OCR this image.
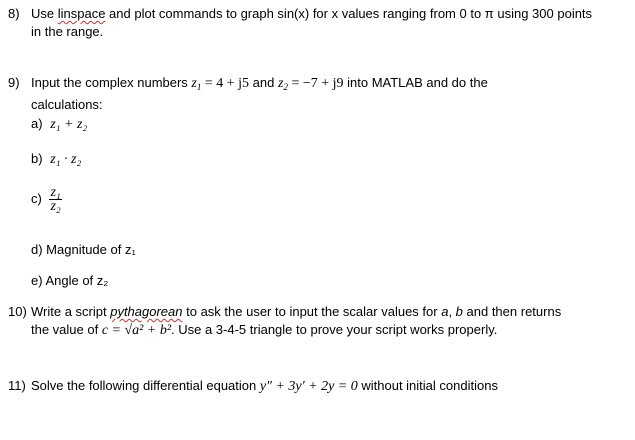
8) Use linspace and plot commands to graph sin(x) for x values ranging from 0 to π using 300 points
in the range.
9) Input the complex numbers $z_1 = 4 + j5$ and $z_2 = -7 + j9$ into MATLAB and do the
calculations:
a) z₁ + z₂
b) z₁ · z₂
$c) \frac{\text{z₁}}{\text{z₂}}$
d) Magnitude of z₁
e) Angle of z₂
10) Write a script pythagorean to ask the user to input the scalar values for a, b and then returns
the value of c = √a² + b². Use a 3-4-5 triangle to prove your script works properly.
11) Solve the following differential equation y″ + 3y′ + 2y = 0 without initial conditions
